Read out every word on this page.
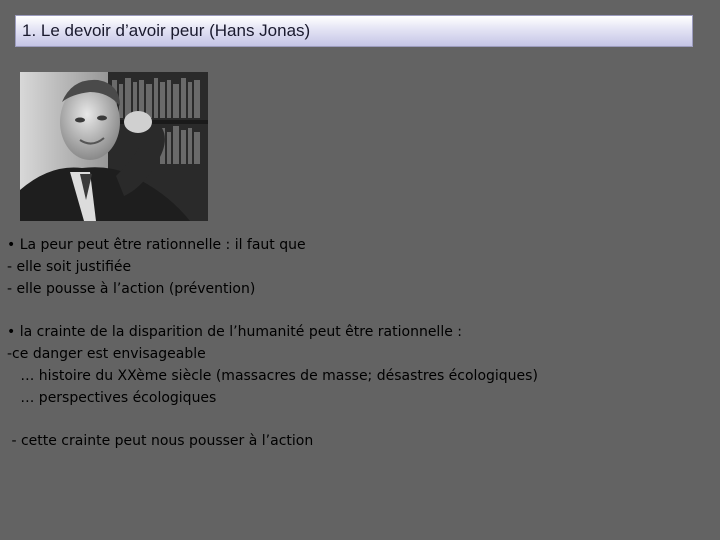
1. Le devoir d’avoir peur (Hans Jonas)
• La peur peut être rationnelle : il faut que
- elle soit justifiée
- elle pousse à l’action (prévention)
• la crainte de la disparition de l’humanité peut être rationnelle :
-ce danger est envisageable
… histoire du XXème siècle (massacres de masse; désastres écologiques)
… perspectives écologiques
- cette crainte peut nous pousser à l’action
